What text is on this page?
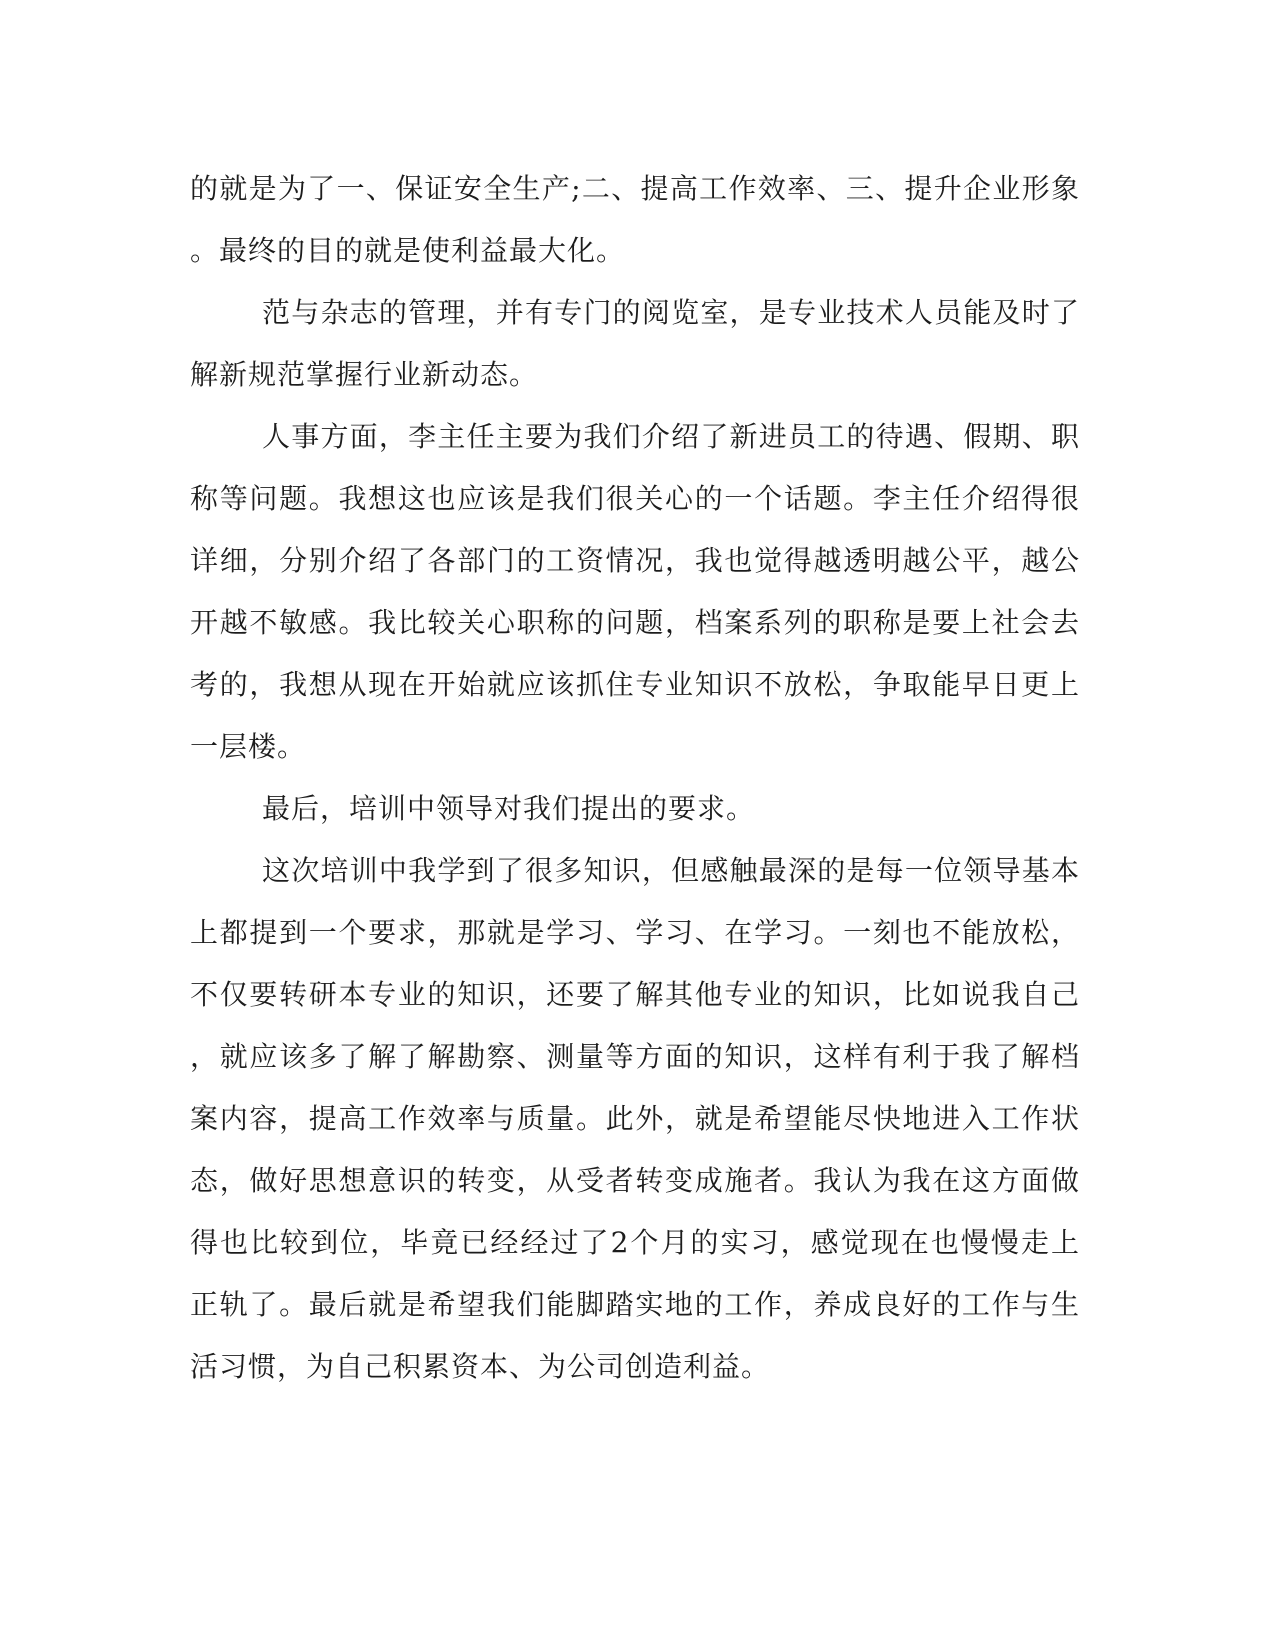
的就是为了一、保证安全生产;二、提高工作效率、三、提升企业形象
。最终的目的就是使利益最大化。
范与杂志的管理，并有专门的阅览室，是专业技术人员能及时了
解新规范掌握行业新动态。
人事方面，李主任主要为我们介绍了新进员工的待遇、假期、职
称等问题。我想这也应该是我们很关心的一个话题。李主任介绍得很
详细，分别介绍了各部门的工资情况，我也觉得越透明越公平，越公
开越不敏感。我比较关心职称的问题，档案系列的职称是要上社会去
考的，我想从现在开始就应该抓住专业知识不放松，争取能早日更上
一层楼。
最后，培训中领导对我们提出的要求。
这次培训中我学到了很多知识，但感触最深的是每一位领导基本
上都提到一个要求，那就是学习、学习、在学习。一刻也不能放松，
不仅要转研本专业的知识，还要了解其他专业的知识，比如说我自己
，就应该多了解了解勘察、测量等方面的知识，这样有利于我了解档
案内容，提高工作效率与质量。此外，就是希望能尽快地进入工作状
态，做好思想意识的转变，从受者转变成施者。我认为我在这方面做
得也比较到位，毕竟已经经过了2个月的实习，感觉现在也慢慢走上
正轨了。最后就是希望我们能脚踏实地的工作，养成良好的工作与生
活习惯，为自己积累资本、为公司创造利益。
